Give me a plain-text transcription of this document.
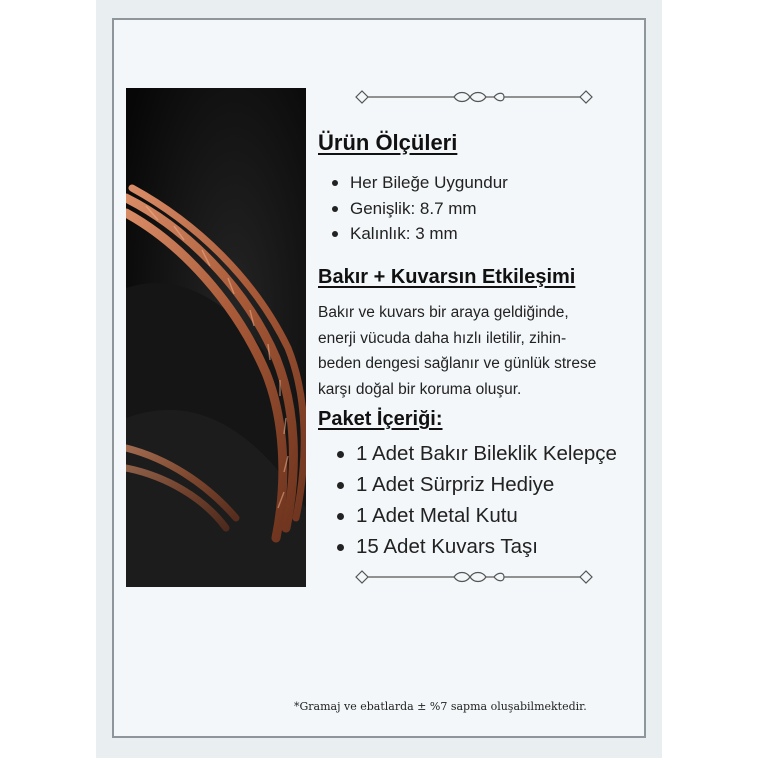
Ürün Ölçüleri
Her Bileğe Uygundur
Genişlik: 8.7 mm
Kalınlık: 3 mm
Bakır + Kuvarsın Etkileşimi

Bakır ve kuvars bir araya geldiğinde,
enerji vücuda daha hızlı iletilir, zihin-
beden dengesi sağlanır ve günlük strese
karşı doğal bir koruma oluşur.

Paket İçeriği:
1 Adet Bakır Bileklik Kelepçe
1 Adet Sürpriz Hediye
1 Adet Metal Kutu
15 Adet Kuvars Taşı

*Gramaj ve ebatlarda ± %7 sapma oluşabilmektedir.
